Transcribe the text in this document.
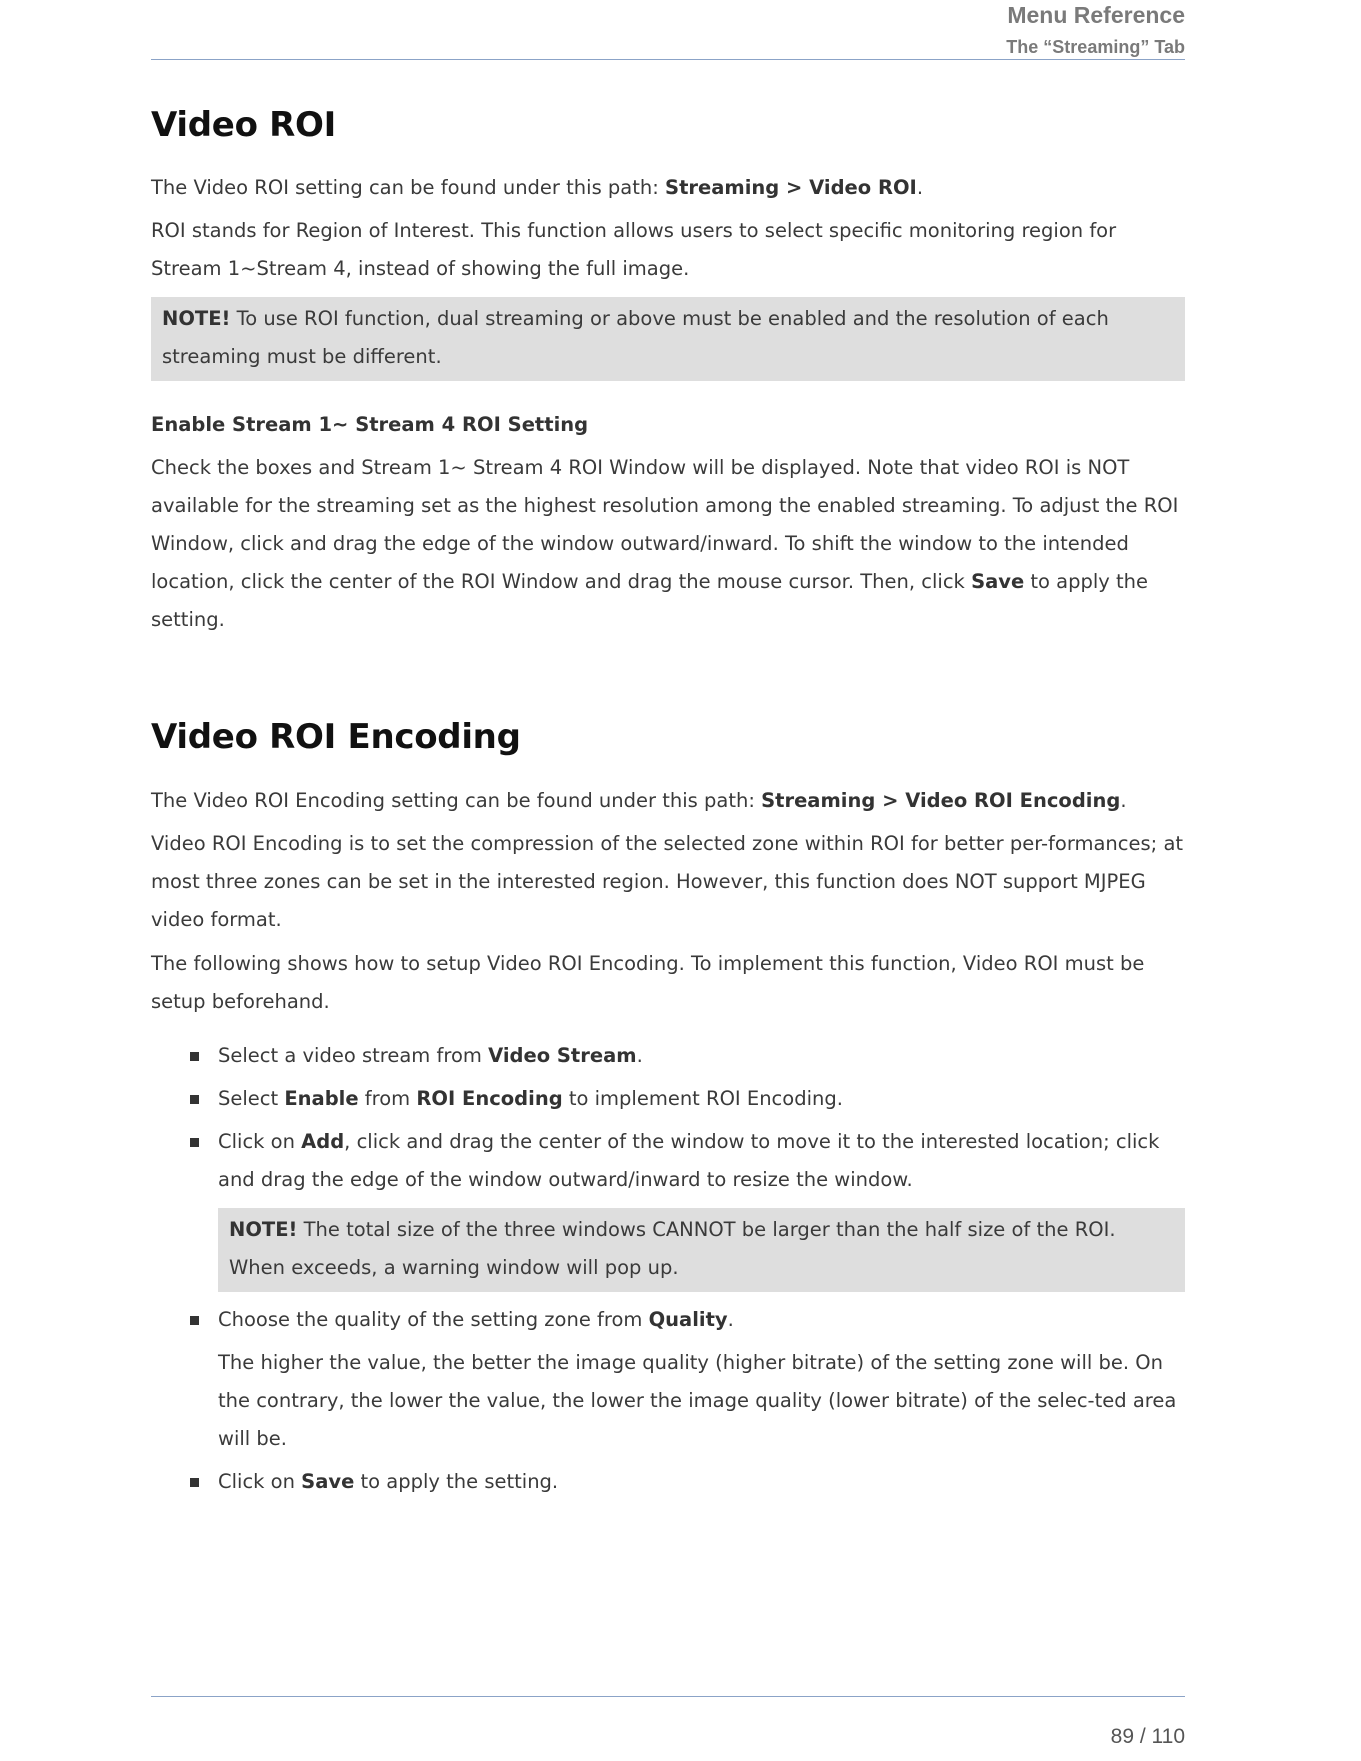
Menu Reference
The “Streaming” Tab
Video ROI

The Video ROI setting can be found under this path: Streaming > Video ROI.

ROI stands for Region of Interest. This function allows users to select specific monitoring region for Stream 1~Stream 4, instead of showing the full image.

NOTE! To use ROI function, dual streaming or above must be enabled and the resolution of each streaming must be different.
Enable Stream 1~ Stream 4 ROI Setting

Check the boxes and Stream 1~ Stream 4 ROI Window will be displayed. Note that video ROI is NOT available for the streaming set as the highest resolution among the enabled streaming. To adjust the ROI Window, click and drag the edge of the window outward/inward. To shift the window to the intended location, click the center of the ROI Window and drag the mouse cursor. Then, click Save to apply the setting.

Video ROI Encoding

The Video ROI Encoding setting can be found under this path: Streaming > Video ROI Encoding.

Video ROI Encoding is to set the compression of the selected zone within ROI for better per-formances; at most three zones can be set in the interested region. However, this function does NOT support MJPEG video format.

The following shows how to setup Video ROI Encoding. To implement this function, Video ROI must be setup beforehand.

Select a video stream from Video Stream.
Select Enable from ROI Encoding to implement ROI Encoding.
Click on Add, click and drag the center of the window to move it to the interested location; click and drag the edge of the window outward/inward to resize the window.
NOTE! The total size of the three windows CANNOT be larger than the half size of the ROI. When exceeds, a warning window will pop up.
Choose the quality of the setting zone from Quality.

The higher the value, the better the image quality (higher bitrate) of the setting zone will be. On the contrary, the lower the value, the lower the image quality (lower bitrate) of the selec-ted area will be.

Click on Save to apply the setting.
89 / 110
